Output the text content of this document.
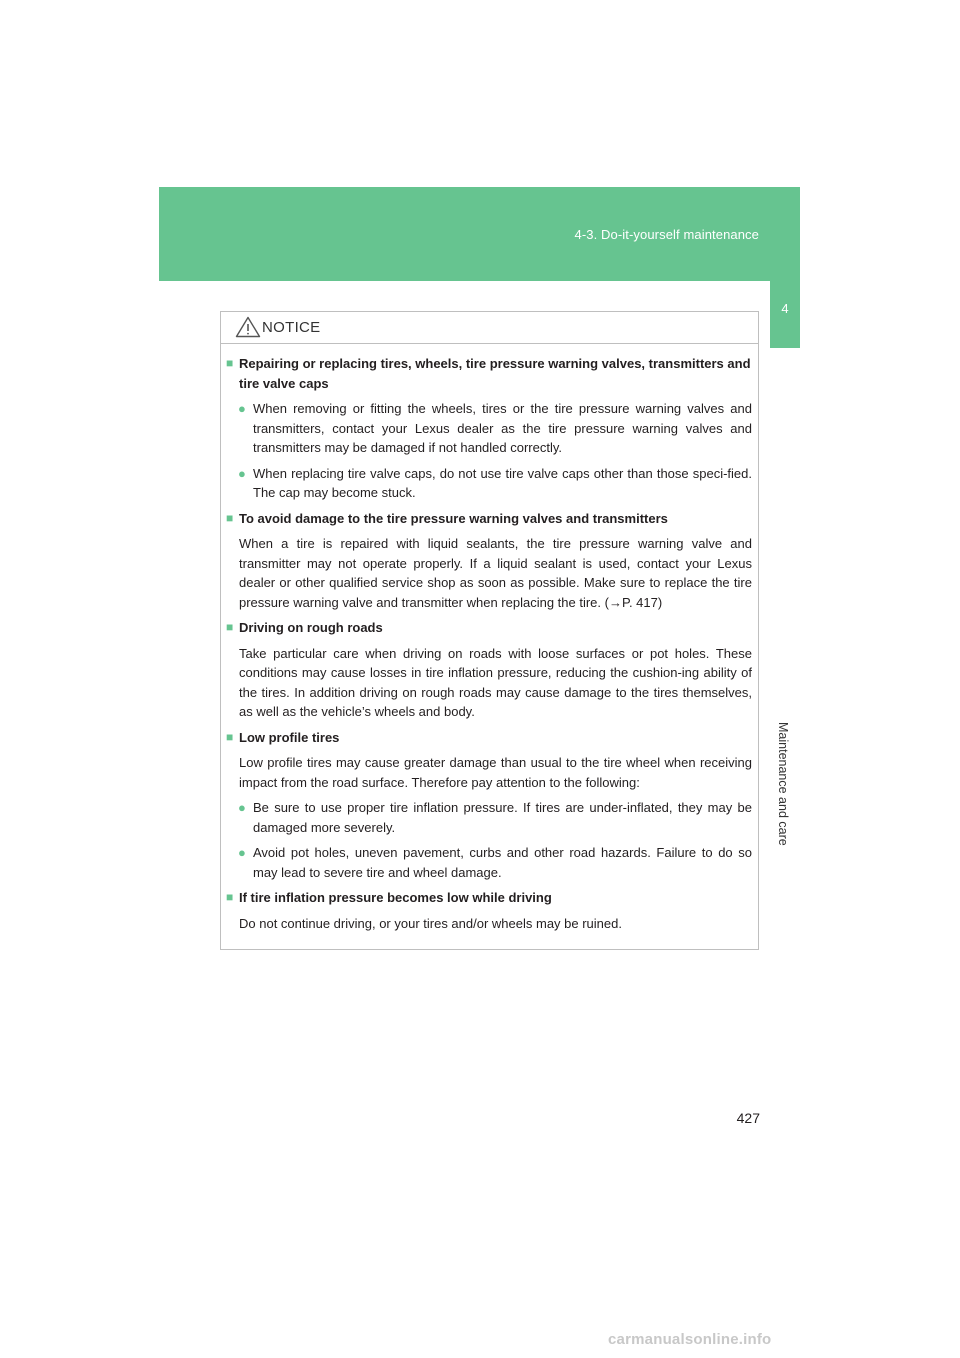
4-3. Do-it-yourself maintenance
4
Maintenance and care
NOTICE
■ Repairing or replacing tires, wheels, tire pressure warning valves, transmitters and tire valve caps
● When removing or fitting the wheels, tires or the tire pressure warning valves and transmitters, contact your Lexus dealer as the tire pressure warning valves and transmitters may be damaged if not handled correctly.
● When replacing tire valve caps, do not use tire valve caps other than those speci-fied. The cap may become stuck.
■ To avoid damage to the tire pressure warning valves and transmitters
When a tire is repaired with liquid sealants, the tire pressure warning valve and transmitter may not operate properly. If a liquid sealant is used, contact your Lexus dealer or other qualified service shop as soon as possible. Make sure to replace the tire pressure warning valve and transmitter when replacing the tire. (→P. 417)
■ Driving on rough roads
Take particular care when driving on roads with loose surfaces or pot holes. These conditions may cause losses in tire inflation pressure, reducing the cushion-ing ability of the tires. In addition driving on rough roads may cause damage to the tires themselves, as well as the vehicle’s wheels and body.
■ Low profile tires
Low profile tires may cause greater damage than usual to the tire wheel when receiving impact from the road surface. Therefore pay attention to the following:
● Be sure to use proper tire inflation pressure. If tires are under-inflated, they may be damaged more severely.
● Avoid pot holes, uneven pavement, curbs and other road hazards. Failure to do so may lead to severe tire and wheel damage.
■ If tire inflation pressure becomes low while driving
Do not continue driving, or your tires and/or wheels may be ruined.
427
carmanualsonline.info
